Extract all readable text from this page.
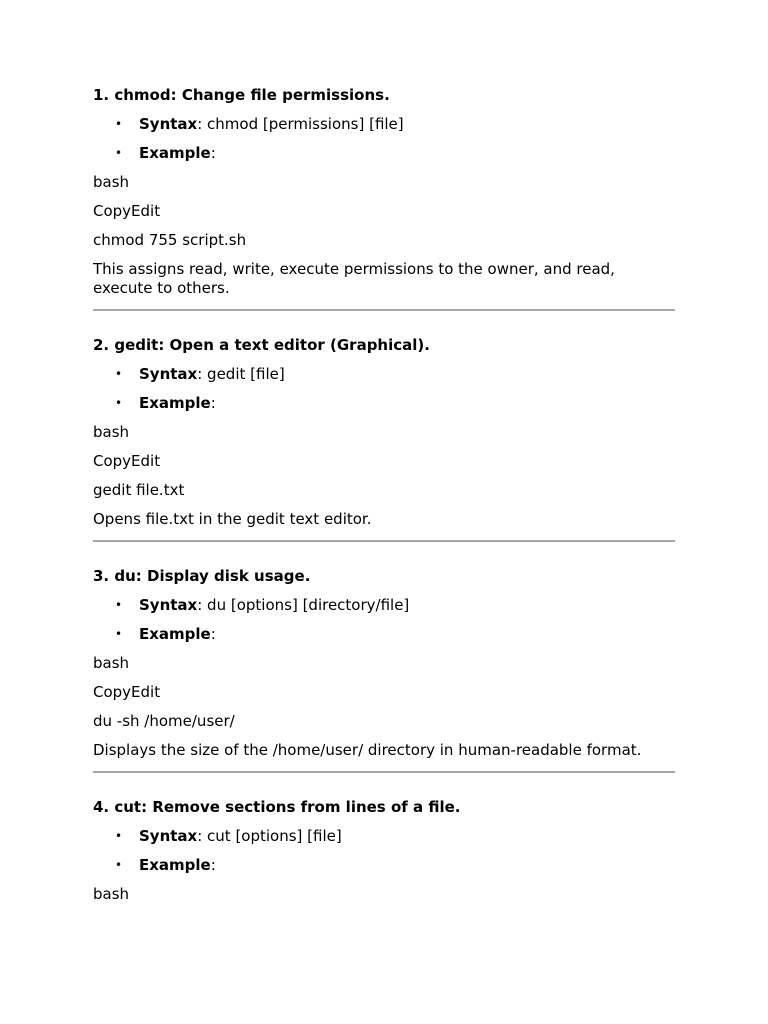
1. chmod: Change file permissions.
• Syntax: chmod [permissions] [file]
• Example:
bash
CopyEdit
chmod 755 script.sh
This assigns read, write, execute permissions to the owner, and read, execute to others.
2. gedit: Open a text editor (Graphical).
• Syntax: gedit [file]
• Example:
bash
CopyEdit
gedit file.txt
Opens file.txt in the gedit text editor.
3. du: Display disk usage.
• Syntax: du [options] [directory/file]
• Example:
bash
CopyEdit
du -sh /home/user/
Displays the size of the /home/user/ directory in human-readable format.
4. cut: Remove sections from lines of a file.
• Syntax: cut [options] [file]
• Example:
bash
